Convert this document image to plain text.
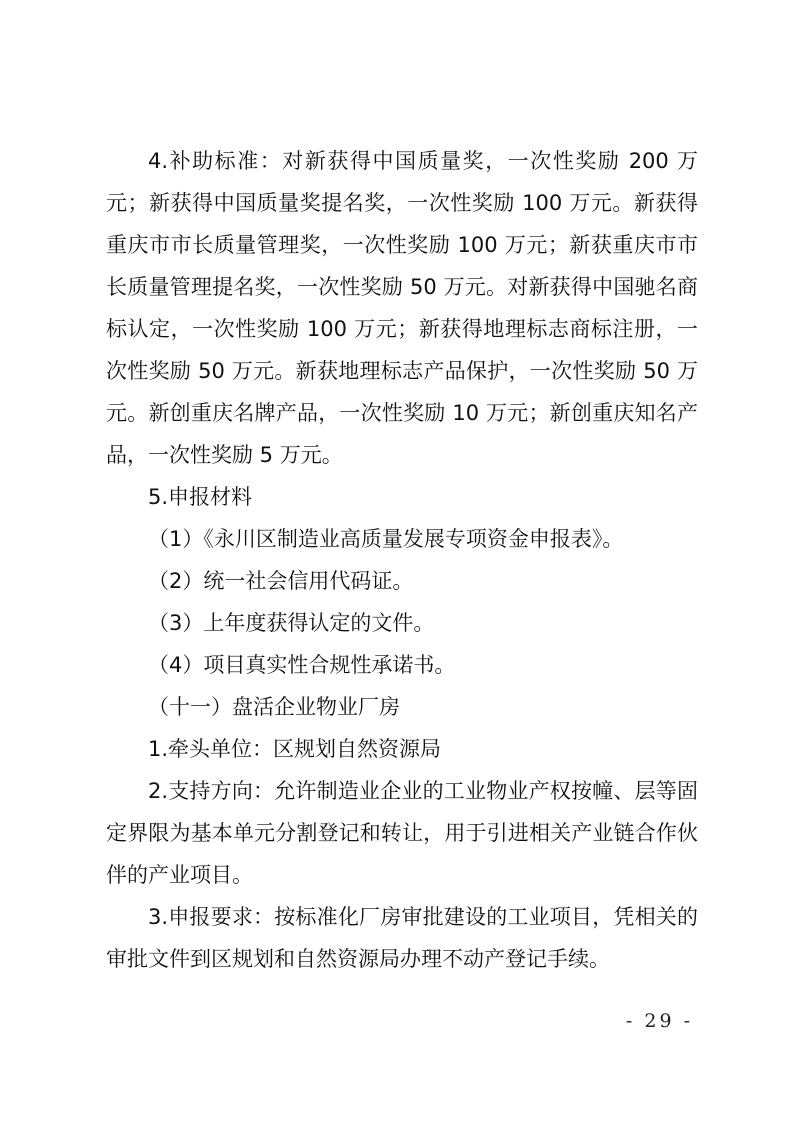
4.补助标准：对新获得中国质量奖，一次性奖励 200 万元；新获得中国质量奖提名奖，一次性奖励 100 万元。新获得重庆市市长质量管理奖，一次性奖励 100 万元；新获重庆市市长质量管理提名奖，一次性奖励 50 万元。对新获得中国驰名商标认定，一次性奖励 100 万元；新获得地理标志商标注册，一次性奖励 50 万元。新获地理标志产品保护，一次性奖励 50 万元。新创重庆名牌产品，一次性奖励 10 万元；新创重庆知名产品，一次性奖励 5 万元。

5.申报材料

（1）《永川区制造业高质量发展专项资金申报表》。

（2）统一社会信用代码证。

（3）上年度获得认定的文件。

（4）项目真实性合规性承诺书。

（十一）盘活企业物业厂房

1.牵头单位：区规划自然资源局

2.支持方向：允许制造业企业的工业物业产权按幢、层等固定界限为基本单元分割登记和转让，用于引进相关产业链合作伙伴的产业项目。

3.申报要求：按标准化厂房审批建设的工业项目，凭相关的审批文件到区规划和自然资源局办理不动产登记手续。

- 29 -
